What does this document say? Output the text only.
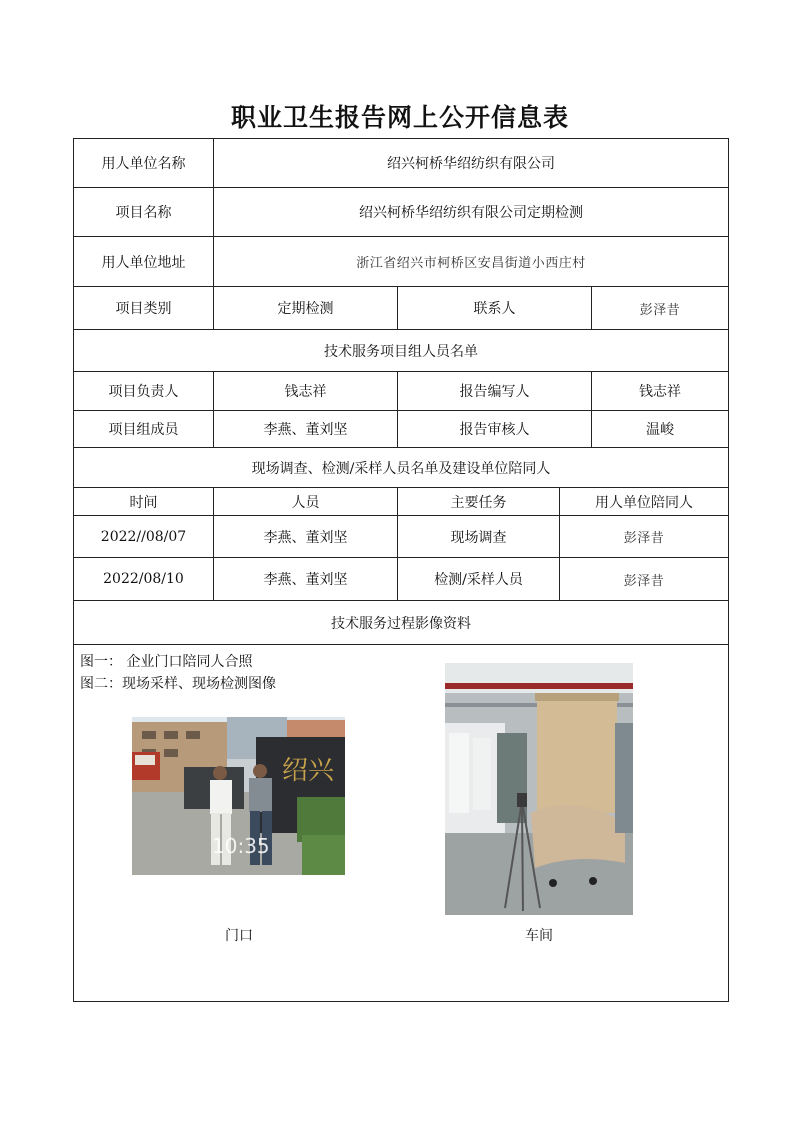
职业卫生报告网上公开信息表
用人单位名称	绍兴柯桥华绍纺织有限公司
项目名称	绍兴柯桥华绍纺织有限公司定期检测
用人单位地址	浙江省绍兴市柯桥区安昌街道小西庄村
项目类别	定期检测	联系人	彭泽昔
技术服务项目组人员名单
项目负责人	钱志祥	报告编写人	钱志祥
项目组成员	李燕、董刘坚	报告审核人	温峻
现场调查、检测/采样人员名单及建设单位陪同人
时间	人员	主要任务	用人单位陪同人
2022//08/07	李燕、董刘坚	现场调查	彭泽昔
2022/08/10	李燕、董刘坚	检测/采样人员	彭泽昔
技术服务过程影像资料
图一： 企业门口陪同人合照
图二：现场采样、现场检测图像
绍兴
10:35
门口	车间
